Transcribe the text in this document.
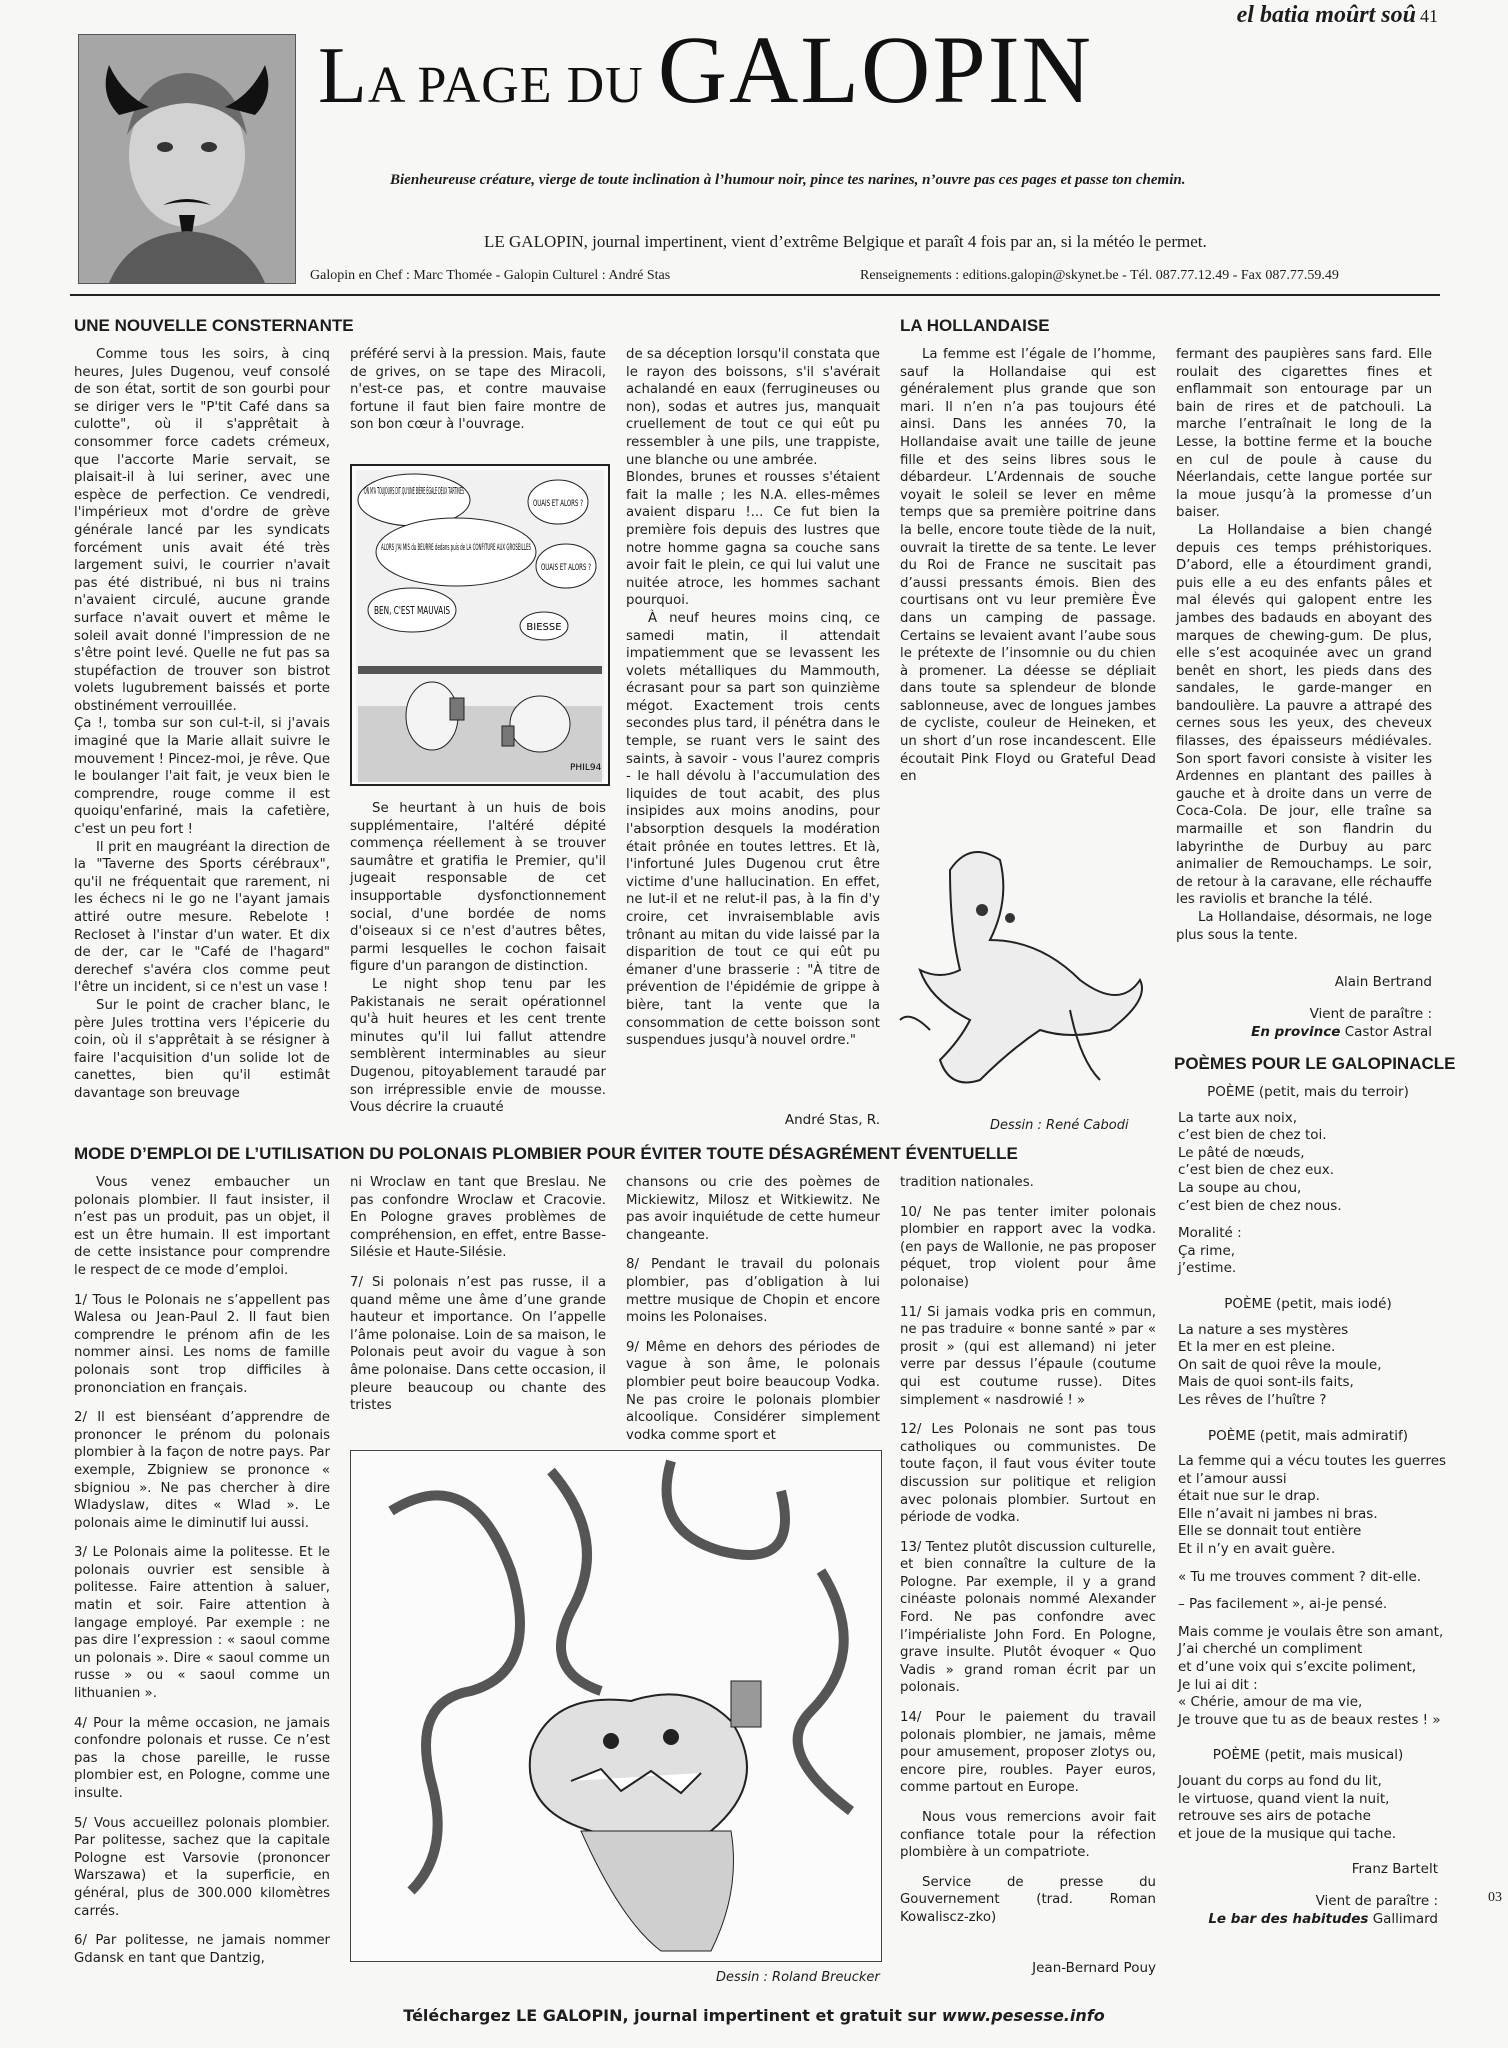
el batia moûrt soû 41
LA PAGE DU GALOPIN
Bienheureuse créature, vierge de toute inclination à l’humour noir, pince tes narines, n’ouvre pas ces pages et passe ton chemin.
LE GALOPIN, journal impertinent, vient d’extrême Belgique et paraît 4 fois par an, si la météo le permet.
Galopin en Chef : Marc Thomée - Galopin Culturel : André Stas	Renseignements : editions.galopin@skynet.be - Tél. 087.77.12.49 - Fax 087.77.59.49
UNE NOUVELLE CONSTERNANTE

Comme tous les soirs, à cinq heures, Jules Dugenou, veuf consolé de son état, sortit de son gourbi pour se diriger vers le "P'tit Café dans sa culotte", où il s'apprêtait à consommer force cadets crémeux, que l'accorte Marie servait, se plaisait-il à lui seriner, avec une espèce de perfection. Ce vendredi, l'impérieux mot d'ordre de grève générale lancé par les syndicats forcément unis avait été très largement suivi, le courrier n'avait pas été distribué, ni bus ni trains n'avaient circulé, aucune grande surface n'avait ouvert et même le soleil avait donné l'impression de ne s'être point levé. Quelle ne fut pas sa stupéfaction de trouver son bistrot volets lugubrement baissés et porte obstinément verrouillée.

Ça !, tomba sur son cul-t-il, si j'avais imaginé que la Marie allait suivre le mouvement ! Pincez-moi, je rêve. Que le boulanger l'ait fait, je veux bien le comprendre, rouge comme il est quoiqu'enfariné, mais la cafetière, c'est un peu fort !

Il prit en maugréant la direction de la "Taverne des Sports cérébraux", qu'il ne fréquentait que rarement, ni les échecs ni le go ne l'ayant jamais attiré outre mesure. Rebelote ! Recloset à l'instar d'un water. Et dix de der, car le "Café de l'hagard" derechef s'avéra clos comme peut l'être un incident, si ce n'est un vase !

Sur le point de cracher blanc, le père Jules trottina vers l'épicerie du coin, où il s'apprêtait à se résigner à faire l'acquisition d'un solide lot de canettes, bien qu'il estimât davantage son breuvage

préféré servi à la pression. Mais, faute de grives, on se tape des Miracoli, n'est-ce pas, et contre mauvaise fortune il faut bien faire montre de son bon cœur à l'ouvrage.

OUAIS ET ALORS ?
ALORS J'AI MIS du BEURRE dedans puis de LA CONFITURE AUX GROSEILLES
OUAIS ET ALORS ?
BEN, C'EST MAUVAIS
BIESSE
PHIL94

Se heurtant à un huis de bois supplémentaire, l'altéré dépité commença réellement à se trouver saumâtre et gratifia le Premier, qu'il jugeait responsable de cet insupportable dysfonctionnement social, d'une bordée de noms d'oiseaux si ce n'est d'autres bêtes, parmi lesquelles le cochon faisait figure d'un parangon de distinction.

Le night shop tenu par les Pakistanais ne serait opérationnel qu'à huit heures et les cent trente minutes qu'il lui fallut attendre semblèrent interminables au sieur Dugenou, pitoyablement taraudé par son irrépressible envie de mousse. Vous décrire la cruauté

de sa déception lorsqu'il constata que le rayon des boissons, s'il s'avérait achalandé en eaux (ferrugineuses ou non), sodas et autres jus, manquait cruellement de tout ce qui eût pu ressembler à une pils, une trappiste, une blanche ou une ambrée.

Blondes, brunes et rousses s'étaient fait la malle ; les N.A. elles-mêmes avaient disparu !... Ce fut bien la première fois depuis des lustres que notre homme gagna sa couche sans avoir fait le plein, ce qui lui valut une nuitée atroce, les hommes sachant pourquoi.

À neuf heures moins cinq, ce samedi matin, il attendait impatiemment que se levassent les volets métalliques du Mammouth, écrasant pour sa part son quinzième mégot. Exactement trois cents secondes plus tard, il pénétra dans le temple, se ruant vers le saint des saints, à savoir - vous l'aurez compris - le hall dévolu à l'accumulation des liquides de tout acabit, des plus insipides aux moins anodins, pour l'absorption desquels la modération était prônée en toutes lettres. Et là, l'infortuné Jules Dugenou crut être victime d'une hallucination. En effet, ne lut-il et ne relut-il pas, à la fin d'y croire, cet invraisemblable avis trônant au mitan du vide laissé par la disparition de tout ce qui eût pu émaner d'une brasserie : "À titre de prévention de l'épidémie de grippe à bière, tant la vente que la consommation de cette boisson sont suspendues jusqu'à nouvel ordre."

André Stas, R.
LA HOLLANDAISE

La femme est l’égale de l’homme, sauf la Hollandaise qui est généralement plus grande que son mari. Il n’en n’a pas toujours été ainsi. Dans les années 70, la Hollandaise avait une taille de jeune fille et des seins libres sous le débardeur. L’Ardennais de souche voyait le soleil se lever en même temps que sa première poitrine dans la belle, encore toute tiède de la nuit, ouvrait la tirette de sa tente. Le lever du Roi de France ne suscitait pas d’aussi pressants émois. Bien des courtisans ont vu leur première Ève dans un camping de passage. Certains se levaient avant l’aube sous le prétexte de l’insomnie ou du chien à promener. La déesse se dépliait dans toute sa splendeur de blonde sablonneuse, avec de longues jambes de cycliste, couleur de Heineken, et un short d’un rose incandescent. Elle écoutait Pink Floyd ou Grateful Dead en

Dessin : René Cabodi

fermant des paupières sans fard. Elle roulait des cigarettes fines et enflammait son entourage par un bain de rires et de patchouli. La marche l’entraînait le long de la Lesse, la bottine ferme et la bouche en cul de poule à cause du Néerlandais, cette langue portée sur la moue jusqu’à la promesse d’un baiser.

La Hollandaise a bien changé depuis ces temps préhistoriques. D’abord, elle a étourdiment grandi, puis elle a eu des enfants pâles et mal élevés qui galopent entre les jambes des badauds en aboyant des marques de chewing-gum. De plus, elle s’est acoquinée avec un grand benêt en short, les pieds dans des sandales, le garde-manger en bandoulière. La pauvre a attrapé des cernes sous les yeux, des cheveux filasses, des épaisseurs médiévales. Son sport favori consiste à visiter les Ardennes en plantant des pailles à gauche et à droite dans un verre de Coca-Cola. De jour, elle traîne sa marmaille et son flandrin du labyrinthe de Durbuy au parc animalier de Remouchamps. Le soir, de retour à la caravane, elle réchauffe les raviolis et branche la télé.

La Hollandaise, désormais, ne loge plus sous la tente.

Alain Bertrand
Vient de paraître :
En province Castor Astral
POÈMES POUR LE GALOPINACLE
POÈME (petit, mais du terroir)
La tarte aux noix,
c’est bien de chez toi.
Le pâté de nœuds,
c’est bien de chez eux.
La soupe au chou,
c’est bien de chez nous.
Moralité :
Ça rime,
j’estime.
POÈME (petit, mais iodé)
La nature a ses mystères
Et la mer en est pleine.
On sait de quoi rêve la moule,
Mais de quoi sont-ils faits,
Les rêves de l’huître ?
POÈME (petit, mais admiratif)
La femme qui a vécu toutes les guerres
et l’amour aussi
était nue sur le drap.
Elle n’avait ni jambes ni bras.
Elle se donnait tout entière
Et il n’y en avait guère.
« Tu me trouves comment ? dit-elle.
– Pas facilement », ai-je pensé.
Mais comme je voulais être son amant,
J’ai cherché un compliment
et d’une voix qui s’excite poliment,
Je lui ai dit :
« Chérie, amour de ma vie,
Je trouve que tu as de beaux restes ! »
POÈME (petit, mais musical)
Jouant du corps au fond du lit,
le virtuose, quand vient la nuit,
retrouve ses airs de potache
et joue de la musique qui tache.
Franz Bartelt
Vient de paraître :
Le bar des habitudes Gallimard
MODE D’EMPLOI DE L’UTILISATION DU POLONAIS PLOMBIER POUR ÉVITER TOUTE DÉSAGRÉMENT ÉVENTUELLE

Vous venez embaucher un polonais plombier. Il faut insister, il n’est pas un produit, pas un objet, il est un être humain. Il est important de cette insistance pour comprendre le respect de ce mode d’emploi.

1/ Tous le Polonais ne s’appellent pas Walesa ou Jean-Paul 2. Il faut bien comprendre le prénom afin de les nommer ainsi. Les noms de famille polonais sont trop difficiles à prononciation en français.

2/ Il est bienséant d’apprendre de prononcer le prénom du polonais plombier à la façon de notre pays. Par exemple, Zbigniew se prononce « sbigniou ». Ne pas chercher à dire Wladyslaw, dites « Wlad ». Le polonais aime le diminutif lui aussi.

3/ Le Polonais aime la politesse. Et le polonais ouvrier est sensible à politesse. Faire attention à saluer, matin et soir. Faire attention à langage employé. Par exemple : ne pas dire l’expression : « saoul comme un polonais ». Dire « saoul comme un russe » ou « saoul comme un lithuanien ».

4/ Pour la même occasion, ne jamais confondre polonais et russe. Ce n’est pas la chose pareille, le russe plombier est, en Pologne, comme une insulte.

5/ Vous accueillez polonais plombier. Par politesse, sachez que la capitale Pologne est Varsovie (prononcer Warszawa) et la superficie, en général, plus de 300.000 kilomètres carrés.

6/ Par politesse, ne jamais nommer Gdansk en tant que Dantzig,

ni Wroclaw en tant que Breslau. Ne pas confondre Wroclaw et Cracovie. En Pologne graves problèmes de compréhension, en effet, entre Basse-Silésie et Haute-Silésie.

7/ Si polonais n’est pas russe, il a quand même une âme d’une grande hauteur et importance. On l’appelle l’âme polonaise. Loin de sa maison, le Polonais peut avoir du vague à son âme polonaise. Dans cette occasion, il pleure beaucoup ou chante des tristes

chansons ou crie des poèmes de Mickiewitz, Milosz et Witkiewitz. Ne pas avoir inquiétude de cette humeur changeante.

8/ Pendant le travail du polonais plombier, pas d’obligation à lui mettre musique de Chopin et encore moins les Polonaises.

9/ Même en dehors des périodes de vague à son âme, le polonais plombier peut boire beaucoup Vodka. Ne pas croire le polonais plombier alcoolique. Considérer simplement vodka comme sport et

Dessin : Roland Breucker

tradition nationales.

10/ Ne pas tenter imiter polonais plombier en rapport avec la vodka. (en pays de Wallonie, ne pas proposer péquet, trop violent pour âme polonaise)

11/ Si jamais vodka pris en commun, ne pas traduire « bonne santé » par « prosit » (qui est allemand) ni jeter verre par dessus l’épaule (coutume qui est coutume russe). Dites simplement « nasdrowié ! »

12/ Les Polonais ne sont pas tous catholiques ou communistes. De toute façon, il faut vous éviter toute discussion sur politique et religion avec polonais plombier. Surtout en période de vodka.

13/ Tentez plutôt discussion culturelle, et bien connaître la culture de la Pologne. Par exemple, il y a grand cinéaste polonais nommé Alexander Ford. Ne pas confondre avec l’impérialiste John Ford. En Pologne, grave insulte. Plutôt évoquer « Quo Vadis » grand roman écrit par un polonais.

14/ Pour le paiement du travail polonais plombier, ne jamais, même pour amusement, proposer zlotys ou, encore pire, roubles. Payer euros, comme partout en Europe.

Nous vous remercions avoir fait confiance totale pour la réfection plombière à un compatriote.

Service de presse du Gouvernement (trad. Roman Kowaliscz-zko)

Jean-Bernard Pouy
Téléchargez LE GALOPIN, journal impertinent et gratuit sur www.pesesse.info
03
